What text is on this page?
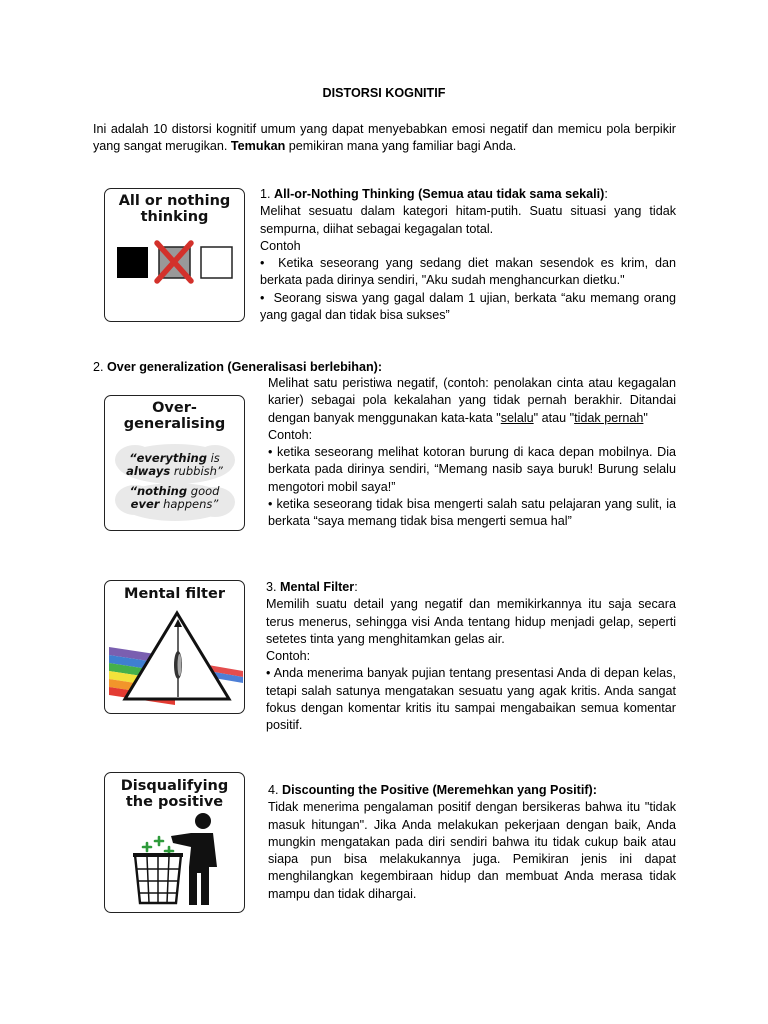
DISTORSI KOGNITIF
Ini adalah 10 distorsi kognitif umum yang dapat menyebabkan emosi negatif dan memicu pola berpikir yang sangat merugikan. Temukan pemikiran mana yang familiar bagi Anda.
All or nothing
thinking

1. All-or-Nothing Thinking (Semua atau tidak sama sekali):

Melihat sesuatu dalam kategori hitam-putih. Suatu situasi yang tidak sempurna, diihat sebagai kegagalan total.

Contoh

• Ketika seseorang yang sedang diet makan sesendok es krim, dan berkata pada dirinya sendiri, "Aku sudah menghancurkan dietku."

• Seorang siswa yang gagal dalam 1 ujian, berkata “aku memang orang yang gagal dan tidak bisa sukses”

2. Over generalization (Generalisasi berlebihan):
Over-
generalising
“everything is
always rubbish”
“nothing good
ever happens”

Melihat satu peristiwa negatif, (contoh: penolakan cinta atau kegagalan karier) sebagai pola kekalahan yang tidak pernah berakhir. Ditandai dengan banyak menggunakan kata-kata "selalu" atau "tidak pernah"

Contoh:

• ketika seseorang melihat kotoran burung di kaca depan mobilnya. Dia berkata pada dirinya sendiri, “Memang nasib saya buruk! Burung selalu mengotori mobil saya!”

• ketika seseorang tidak bisa mengerti salah satu pelajaran yang sulit, ia berkata “saya memang tidak bisa mengerti semua hal”

Mental filter	3. Mental Filter:

Memilih suatu detail yang negatif dan memikirkannya itu saja secara terus menerus, sehingga visi Anda tentang hidup menjadi gelap, seperti setetes tinta yang menghitamkan gelas air.

Contoh:

• Anda menerima banyak pujian tentang presentasi Anda di depan kelas, tetapi salah satunya mengatakan sesuatu yang agak kritis. Anda sangat fokus dengan komentar kritis itu sampai mengabaikan semua komentar positif.

Disqualifying
the positive

4. Discounting the Positive (Meremehkan yang Positif):

Tidak menerima pengalaman positif dengan bersikeras bahwa itu "tidak masuk hitungan". Jika Anda melakukan pekerjaan dengan baik, Anda mungkin mengatakan pada diri sendiri bahwa itu tidak cukup baik atau siapa pun bisa melakukannya juga. Pemikiran jenis ini dapat menghilangkan kegembiraan hidup dan membuat Anda merasa tidak mampu dan tidak dihargai.
